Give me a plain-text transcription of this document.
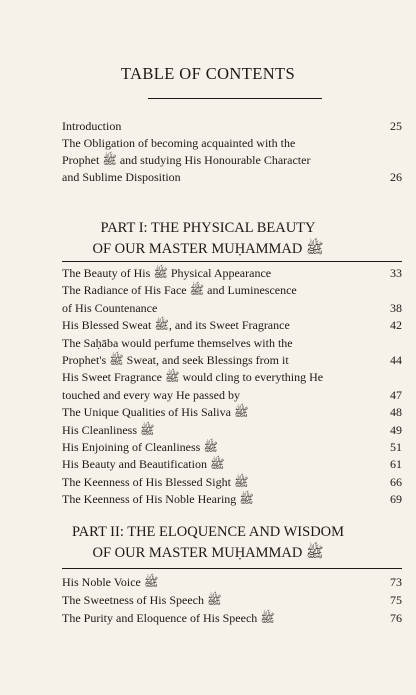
TABLE OF CONTENTS
Introduction	25
The Obligation of becoming acquainted with the
Prophet ﷺ and studying His Honourable Character
and Sublime Disposition	26
PART I: THE PHYSICAL BEAUTY
OF OUR MASTER MUḤAMMAD ﷺ
The Beauty of His ﷺ Physical Appearance	33
The Radiance of His Face ﷺ and Luminescence
of His Countenance	38
His Blessed Sweat ﷺ, and its Sweet Fragrance	42
The Saḥāba would perfume themselves with the
Prophet's ﷺ Sweat, and seek Blessings from it	44
His Sweet Fragrance ﷺ would cling to everything He
touched and every way He passed by	47
The Unique Qualities of His Saliva ﷺ	48
His Cleanliness ﷺ	49
His Enjoining of Cleanliness ﷺ	51
His Beauty and Beautification ﷺ	61
The Keenness of His Blessed Sight ﷺ	66
The Keenness of His Noble Hearing ﷺ	69
PART II: THE ELOQUENCE AND WISDOM
OF OUR MASTER MUḤAMMAD ﷺ
His Noble Voice ﷺ	73
The Sweetness of His Speech ﷺ	75
The Purity and Eloquence of His Speech ﷺ	76
